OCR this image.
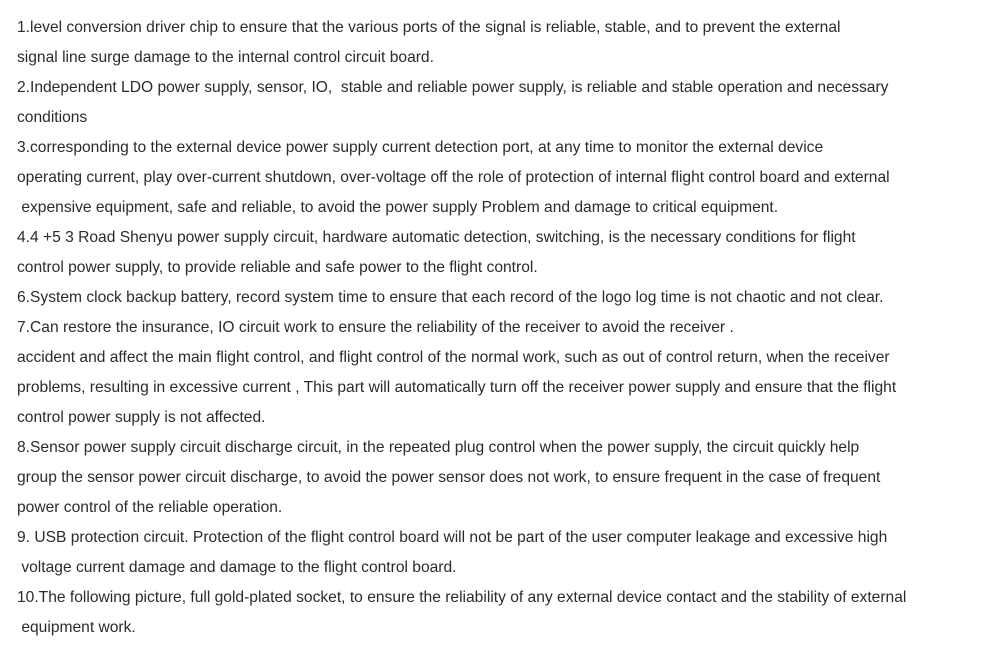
1.level conversion driver chip to ensure that the various ports of the signal is reliable, stable, and to prevent the external
signal line surge damage to the internal control circuit board.
2.Independent LDO power supply, sensor, IO,  stable and reliable power supply, is reliable and stable operation and necessary
conditions
3.corresponding to the external device power supply current detection port, at any time to monitor the external device
operating current, play over-current shutdown, over-voltage off the role of protection of internal flight control board and external
expensive equipment, safe and reliable, to avoid the power supply Problem and damage to critical equipment.
4.4 +5 3 Road Shenyu power supply circuit, hardware automatic detection, switching, is the necessary conditions for flight
control power supply, to provide reliable and safe power to the flight control.
6.System clock backup battery, record system time to ensure that each record of the logo log time is not chaotic and not clear.
7.Can restore the insurance, IO circuit work to ensure the reliability of the receiver to avoid the receiver .
accident and affect the main flight control, and flight control of the normal work, such as out of control return, when the receiver
problems, resulting in excessive current , This part will automatically turn off the receiver power supply and ensure that the flight
control power supply is not affected.
8.Sensor power supply circuit discharge circuit, in the repeated plug control when the power supply, the circuit quickly help
group the sensor power circuit discharge, to avoid the power sensor does not work, to ensure frequent in the case of frequent
power control of the reliable operation.
9. USB protection circuit. Protection of the flight control board will not be part of the user computer leakage and excessive high
voltage current damage and damage to the flight control board.
10.The following picture, full gold-plated socket, to ensure the reliability of any external device contact and the stability of external
equipment work.
